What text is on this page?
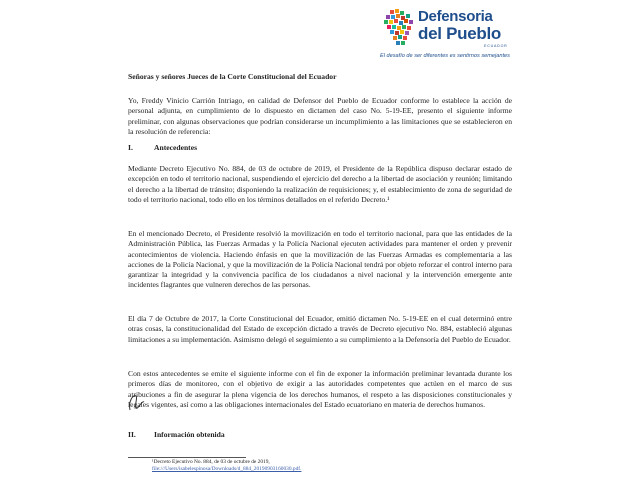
Defensoria
del Pueblo
ECUADOR
El desafío de ser diferentes es sentirnos semejantes
Señoras y señores Jueces de la Corte Constitucional del Ecuador
Yo, Freddy Vinicio Carrión Intriago, en calidad de Defensor del Pueblo de Ecuador conforme lo establece la acción de personal adjunta, en cumplimiento de lo dispuesto en dictamen del caso No. 5-19-EE, presento el siguiente informe preliminar, con algunas observaciones que podrían considerarse un incumplimiento a las limitaciones que se establecieron en la resolución de referencia:
I.	Antecedentes
Mediante Decreto Ejecutivo No. 884, de 03 de octubre de 2019, el Presidente de la República dispuso declarar estado de excepción en todo el territorio nacional, suspendiendo el ejercicio del derecho a la libertad de asociación y reunión; limitando el derecho a la libertad de tránsito; disponiendo la realización de requisiciones; y, el establecimiento de zona de seguridad de todo el territorio nacional, todo ello en los términos detallados en el referido Decreto.¹
En el mencionado Decreto, el Presidente resolvió la movilización en todo el territorio nacional, para que las entidades de la Administración Pública, las Fuerzas Armadas y la Policía Nacional ejecuten actividades para mantener el orden y prevenir acontecimientos de violencia. Haciendo énfasis en que la movilización de las Fuerzas Armadas es complementaria a las acciones de la Policía Nacional, y que la movilización de la Policía Nacional tendrá por objeto reforzar el control interno para garantizar la integridad y la convivencia pacífica de los ciudadanos a nivel nacional y la intervención emergente ante incidentes flagrantes que vulneren derechos de las personas.
El día 7 de Octubre de 2017, la Corte Constitucional del Ecuador, emitió dictamen No. 5-19-EE en el cual determinó entre otras cosas, la constitucionalidad del Estado de excepción dictado a través de Decreto ejecutivo No. 884, estableció algunas limitaciones a su implementación. Asimismo delegó el seguimiento a su cumplimiento a la Defensoría del Pueblo de Ecuador.
Con estos antecedentes se emite el siguiente informe con el fin de exponer la información preliminar levantada durante los primeros días de monitoreo, con el objetivo de exigir a las autoridades competentes que actúen en el marco de sus atribuciones a fin de asegurar la plena vigencia de los derechos humanos, el respeto a las disposiciones constitucionales y legales vigentes, así como a las obligaciones internacionales del Estado ecuatoriano en materia de derechos humanos.
II. Información obtenida
¹Decreto Ejecutivo No. 884, de 03 de octubre de 2019,
file:///Users/isabelespinosa/Downloads/d_884_20190903160030.pdf.
